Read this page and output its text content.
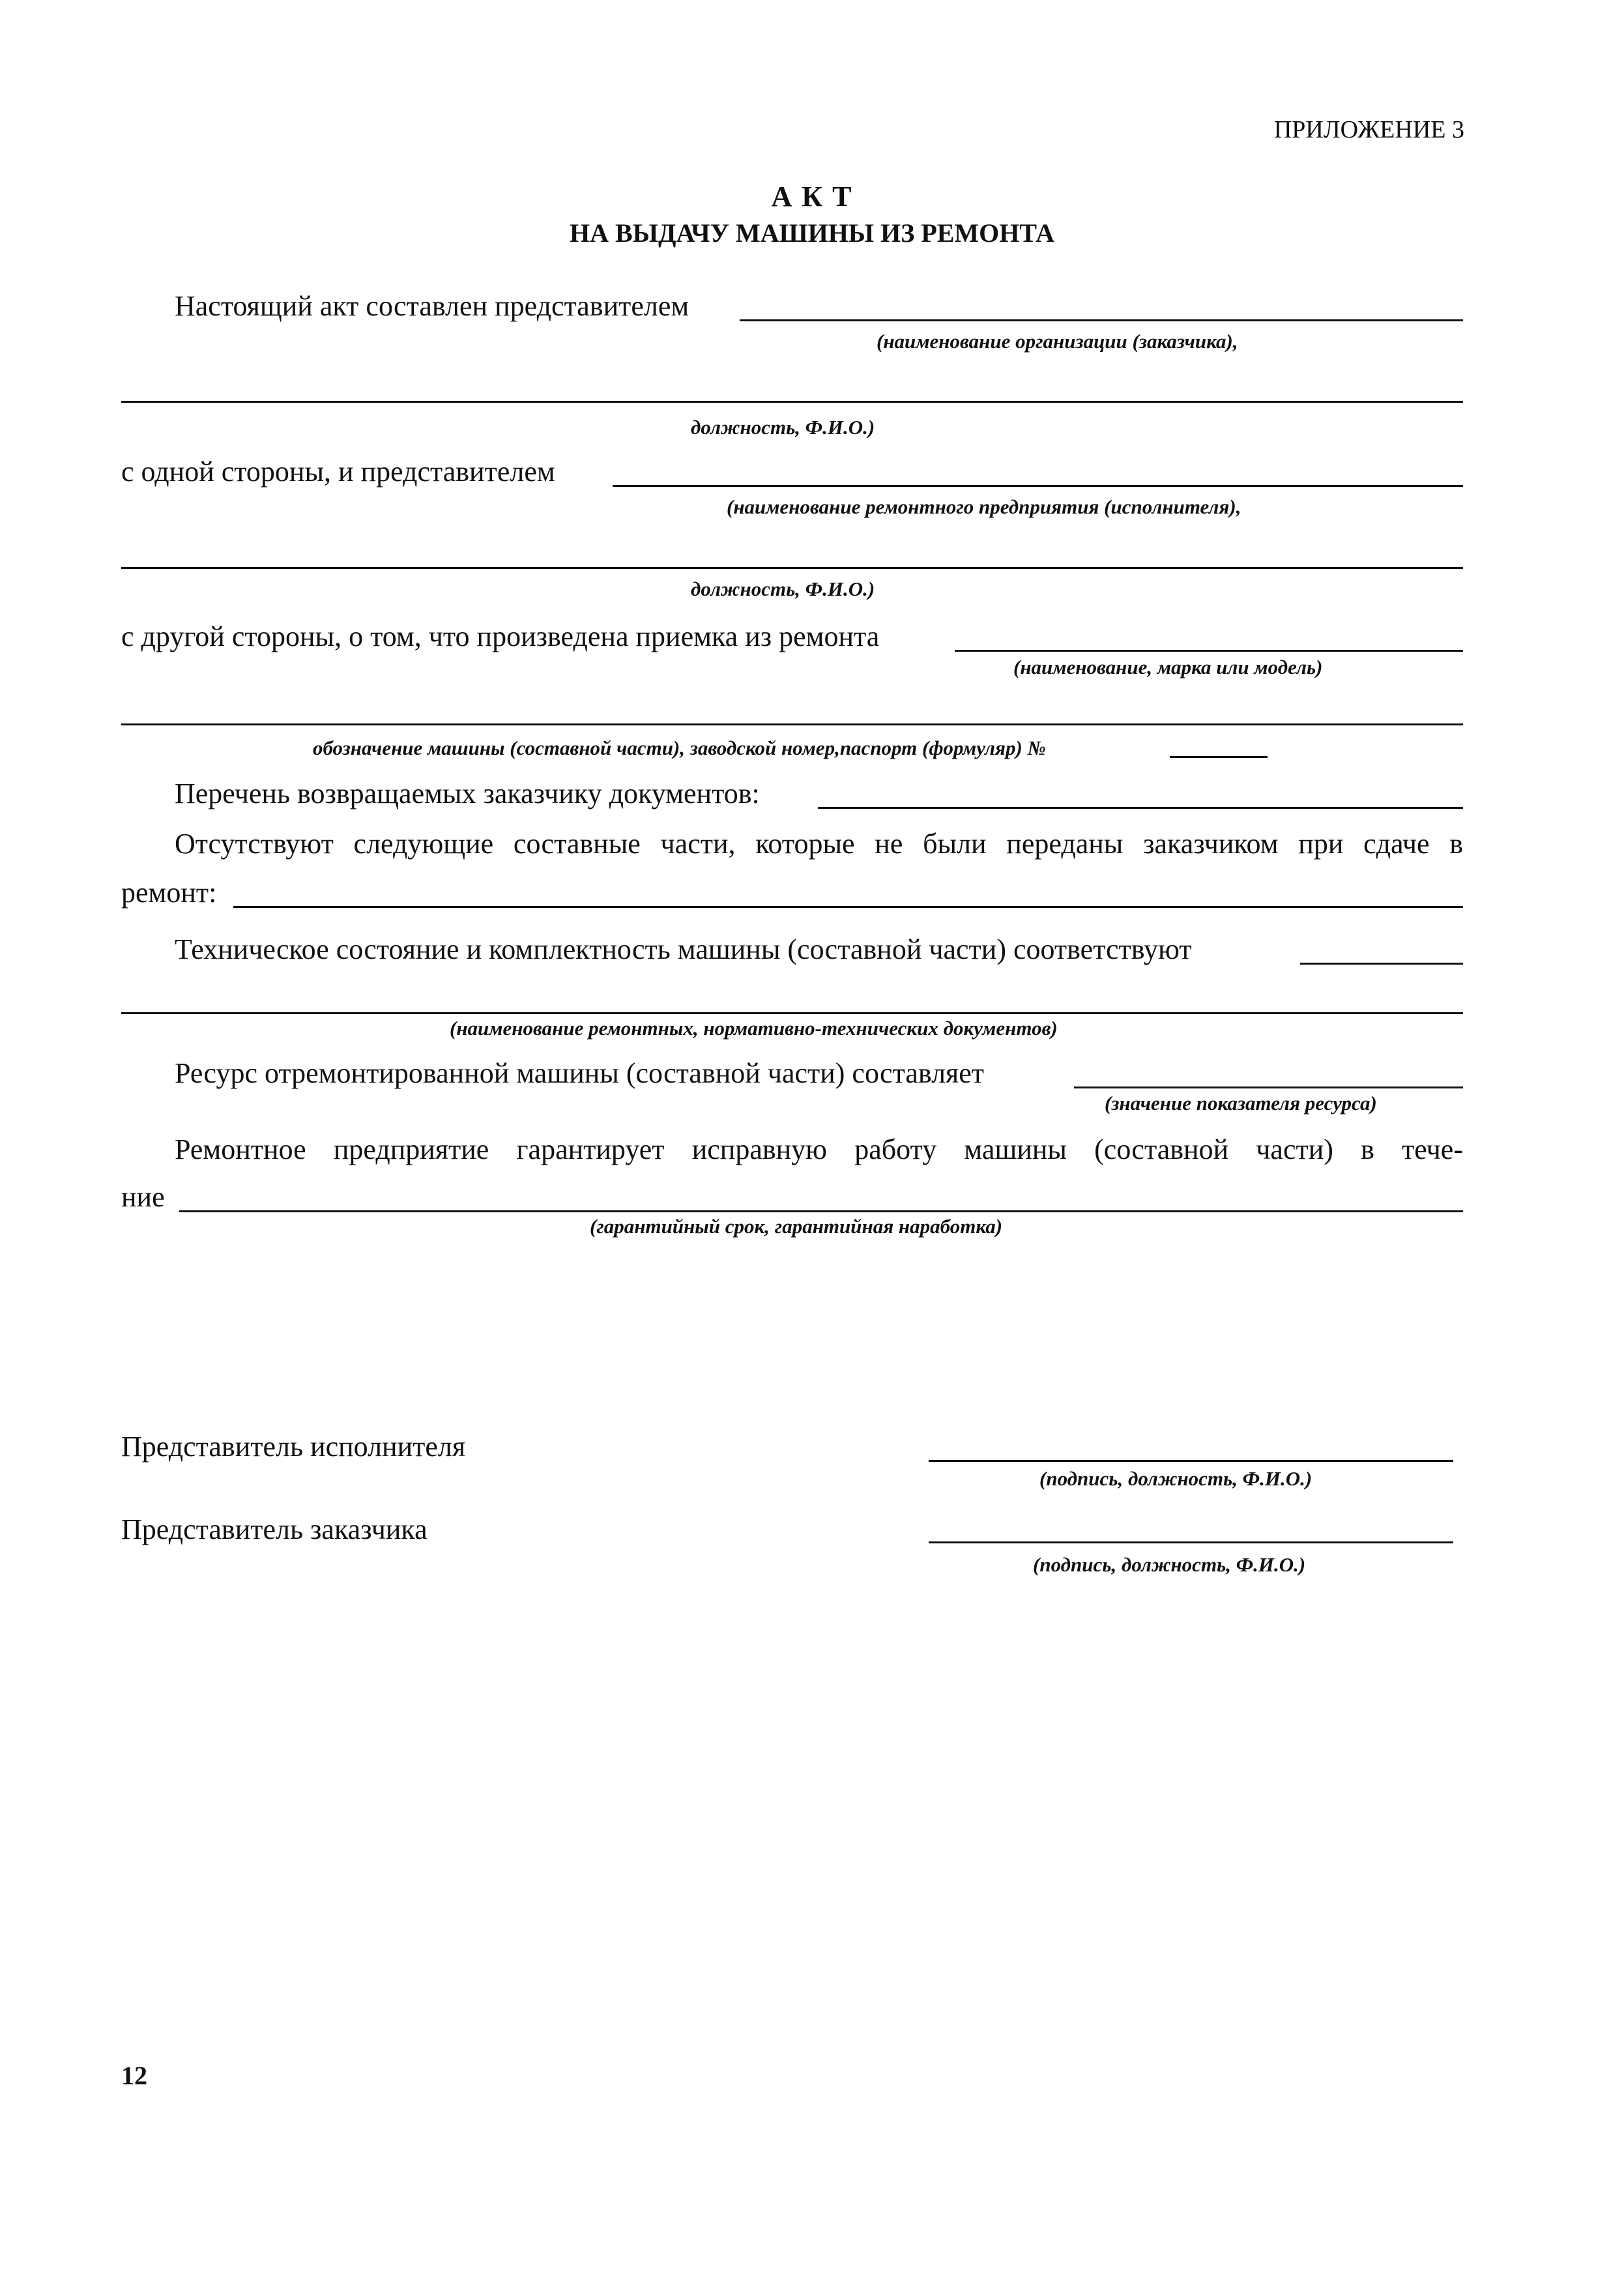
ПРИЛОЖЕНИЕ 3
А К Т
НА ВЫДАЧУ МАШИНЫ ИЗ РЕМОНТА
Настоящий акт составлен представителем
(наименование организации (заказчика),
должность, Ф.И.О.)
с одной стороны, и представителем
(наименование ремонтного предприятия (исполнителя),
должность, Ф.И.О.)
с другой стороны, о том, что произведена приемка из ремонта
(наименование, марка или модель)
обозначение машины (составной части), заводской номер,паспорт (формуляр) №
Перечень возвращаемых заказчику документов:
Отсутствуют следующие составные части, которые не были переданы заказчиком при сдаче в
ремонт:
Техническое состояние и комплектность машины (составной части) соответствуют
(наименование ремонтных, нормативно-технических документов)
Ресурс отремонтированной машины (составной части) составляет
(значение показателя ресурса)
Ремонтное предприятие гарантирует исправную работу машины (составной части) в тече-
ние
(гарантийный срок, гарантийная наработка)
Представитель исполнителя
(подпись, должность, Ф.И.О.)
Представитель заказчика
(подпись, должность, Ф.И.О.)
12
